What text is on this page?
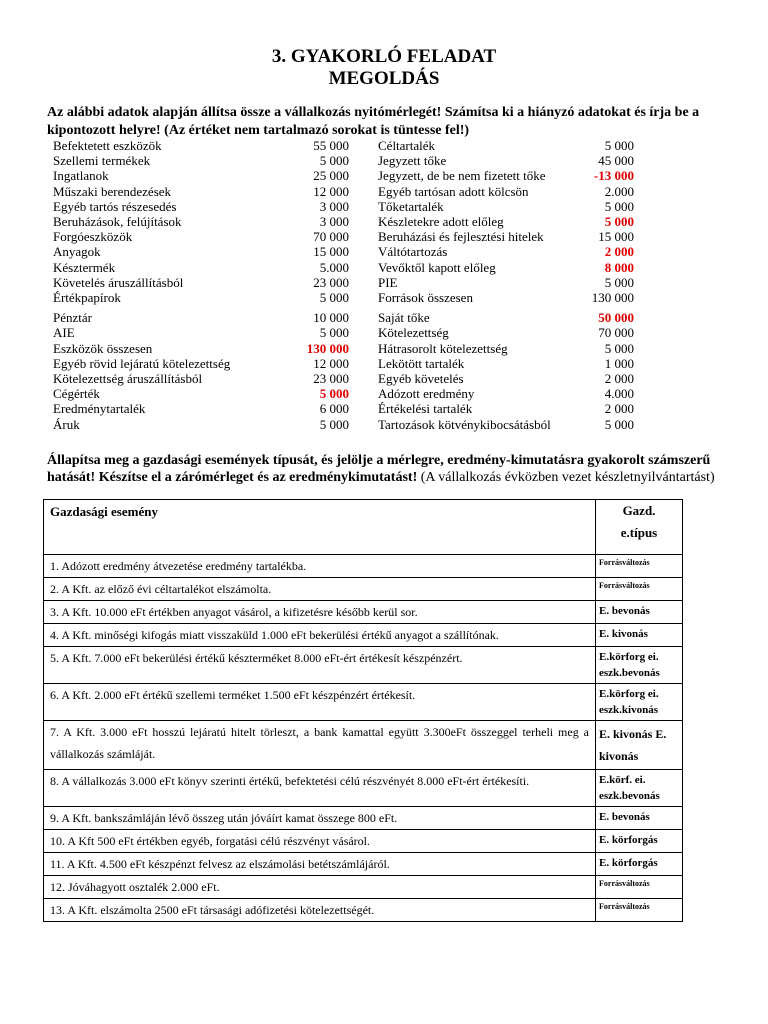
3. GYAKORLÓ FELADAT
MEGOLDÁS
Az alábbi adatok alapján állítsa össze a vállalkozás nyitómérlegét! Számítsa ki a hiányzó adatokat és írja be a kipontozott helyre! (Az értéket nem tartalmazó sorokat is tüntesse fel!)
Befektetett eszközök	55 000
Szellemi termékek	5 000
Ingatlanok	25 000
Műszaki berendezések	12 000
Egyéb tartós részesedés	3 000
Beruházások, felújítások	3 000
Forgóeszközök	70 000
Anyagok	15 000
Késztermék	5.000
Követelés áruszállításból	23 000
Értékpapírok	5 000
Pénztár	10 000
AIE	5 000
Eszközök összesen	130 000
Egyéb rövid lejáratú kötelezettség	12 000
Kötelezettség áruszállításból	23 000
Cégérték	5 000
Eredménytartalék	6 000
Áruk	5 000
Céltartalék	5 000
Jegyzett tőke	45 000
Jegyzett, de be nem fizetett tőke	-13 000
Egyéb tartósan adott kölcsön	2.000
Tőketartalék	5 000
Készletekre adott előleg	5 000
Beruházási és fejlesztési hitelek	15 000
Váltótartozás	2 000
Vevőktől kapott előleg	8 000
PIE	5 000
Források összesen	130 000
Saját tőke	50 000
Kötelezettség	70 000
Hátrasorolt kötelezettség	5 000
Lekötött tartalék	1 000
Egyéb követelés	2 000
Adózott eredmény	4.000
Értékelési tartalék	2 000
Tartozások kötvénykibocsátásból	5 000
Állapítsa meg a gazdasági események típusát, és jelölje a mérlegre, eredmény-kimutatásra gyakorolt számszerű hatását! Készítse el a zárómérleget és az eredménykimutatást! (A vállalkozás évközben vezet készletnyilvántartást)
Gazdasági esemény	Gazd.
e.típus

1. Adózott eredmény átvezetése eredmény tartalékba.	Forrásváltozás
2. A Kft. az előző évi céltartalékot elszámolta.	Forrásváltozás
3. A Kft. 10.000 eFt értékben anyagot vásárol, a kifizetésre később kerül sor.	E. bevonás
4. A Kft. minőségi kifogás miatt visszaküld 1.000 eFt bekerülési értékű anyagot a szállítónak.	E. kivonás
5. A Kft. 7.000 eFt bekerülési értékű készterméket 8.000 eFt-ért értékesít készpénzért.	E.körforg ei. eszk.bevonás
6. A Kft. 2.000 eFt értékű szellemi terméket 1.500 eFt készpénzért értékesít.	E.körforg ei. eszk.kivonás
7. A Kft. 3.000 eFt hosszú lejáratú hitelt törleszt, a bank kamattal együtt 3.300eFt összeggel terheli meg a vállalkozás számláját.	E. kivonás E. kivonás
8. A vállalkozás 3.000 eFt könyv szerinti értékű, befektetési célú részvényét 8.000 eFt-ért értékesíti.	E.körf. ei. eszk.bevonás
9. A Kft. bankszámláján lévő összeg után jóváírt kamat összege 800 eFt.	E. bevonás
10. A Kft 500 eFt értékben egyéb, forgatási célú részvényt vásárol.	E. körforgás
11. A Kft. 4.500 eFt készpénzt felvesz az elszámolási betétszámlájáról.	E. körforgás
12. Jóváhagyott osztalék 2.000 eFt.	Forrásváltozás
13. A Kft. elszámolta 2500 eFt társasági adófizetési kötelezettségét.	Forrásváltozás
